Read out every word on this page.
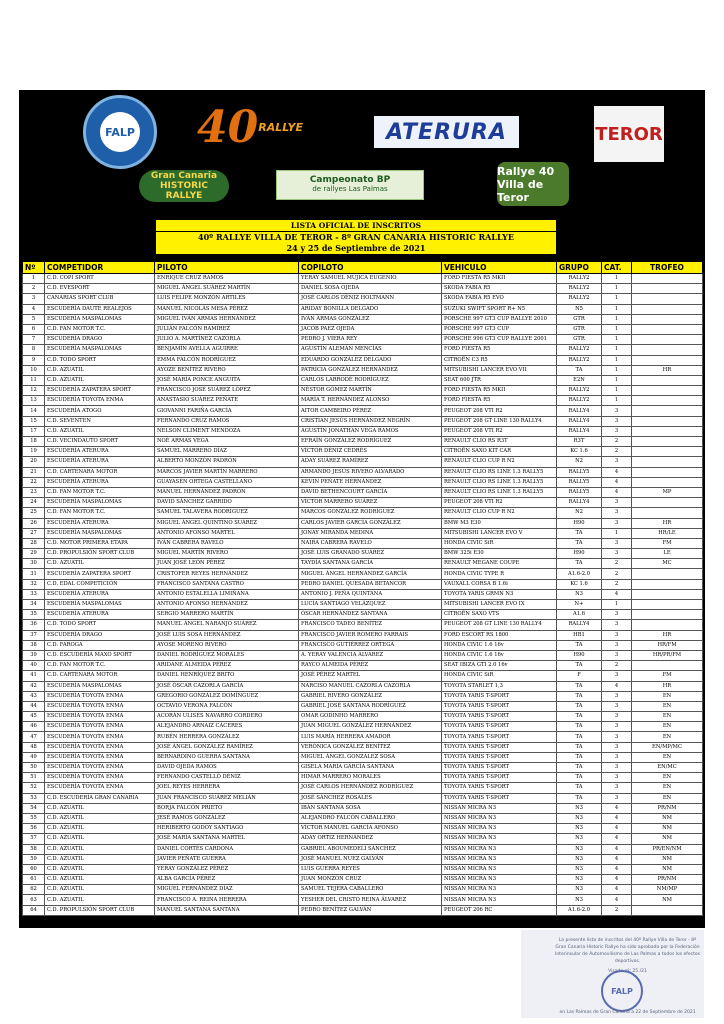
FALP 40 RALLYE	ATERURA	TEROR
Gran Canaria
HISTORIC
RALLYE
Campeonato BP
de rallyes Las Palmas
Rallye 40 Villa de Teror
LISTA OFICIAL DE INSCRITOS
40º RALLYE VILLA DE TEROR - 8º GRAN CANARIA HISTORIC RALLYE
24 y 25 de Septiembre de 2021
Nº	COMPETIDOR	PILOTO	COPILOTO	VEHICULO	GRUPO	CAT.	TROFEO
1	C.D. COPI SPORT	ENRIQUE CRUZ RAMOS	YERAY SAMUEL MUJICA EUGENIO	FORD FIESTA R5 MKII	RALLY2	1	
2	C.D. EVESPORT	MIGUEL ÁNGEL SUÁREZ MARTÍN	DANIEL SOSA OJEDA	SKODA FABIA R5	RALLY2	1	
3	CANARIAS SPORT CLUB	LUIS FELIPE MONZÓN ARTILES	JOSÉ CARLOS DÉNIZ HOLTMANN	SKODA FABIA R5 EVO	RALLY2	1	
4	ESCUDERÍA DAUTE REALEJOS	MANUEL NICOLÁS MESA PÉREZ	ARIDAY BONILLA DELGADO	SUZUKI SWIFT SPORT R+ N5	N5	1	
5	ESCUDERÍA MASPALOMAS	MIGUEL IVÁN ARMAS HERNÁNDEZ	IVÁN ARMAS GONZÁLEZ	PORSCHE 997 GT3 CUP RALLYE 2010	GTR	1	
6	C.D. FAN MOTOR T.C.	JULIÁN FALCÓN RAMÍREZ	JACOB PAEZ OJEDA	PORSCHE 997 GT3 CUP	GTR	1	
7	ESCUDERÍA DRAGO	JULIO A. MARTÍNEZ CAZORLA	PEDRO J. VIERA REY	PORSCHE 996 GT3 CUP RALLYE 2001	GTR	1	
8	ESCUDERÍA MASPALOMAS	BENJAMÍN AVELLA AGUIRRE	AGUSTÍN ALEMÁN MENCÍAS	FORD FIESTA R5	RALLY2	1	
9	C.D. TODO SPORT	EMMA FALCÓN RODRÍGUEZ	EDUARDO GONZÁLEZ DELGADO	CITROËN C3 R5	RALLY2	1	
10	C.D. AZUATIL	AYOZE BENÍTEZ RIVERO	PATRICIA GONZÁLEZ HERNÁNDEZ	MITSUBISHI LANCER EVO VII	TA	1	HR
11	C.D. AZUATIL	JOSÉ MARÍA PONCE ANGUITA	CARLOS LARRODÉ RODRÍGUEZ	SEAT 600 JTR	E2N	1	
12	ESCUDERÍA ZAPATERA SPORT	FRANCISCO JOSÉ SUÁREZ LÓPEZ	NÉSTOR GÓMEZ MARTÍN	FORD FIESTA R5 MKII	RALLY2	1	
13	ESCUDERÍA TOYOTA ENMA	ANASTASIO SUÁREZ PEÑATE	MARÍA T. HERNÁNDEZ ALONSO	FORD FIESTA R5	RALLY2	1	
14	ESCUDERÍA ATOGO	GIOVANNI FARIÑA GARCÍA	AITOR CAMBEIRO PÉREZ	PEUGEOT 208 VTI R2	RALLY4	3	
15	C.D. SEVENTEN	FERNANDO CRUZ RAMOS	CRISTIAN JESÚS HERNÁNDEZ NEGRÍN	PEUGEOT 208 GT LINE 130 RALLY4	RALLY4	3	
17	C.D. AZUATIL	NELSON CLIMENT MENDOZA	AGUSTÍN JONATHAN VEGA RAMOS	PEUGEOT 208 VTI R2	RALLY4	3	
18	C.D. VECINDAUTO SPORT	NOÉ ARMAS VEGA	EFRAÍN GONZÁLEZ RODRÍGUEZ	RENAULT CLIO RS R3T	R3T	2	
19	ESCUDERÍA ATERURA	SAMUEL MARRERO DÍAZ	VÍCTOR DÉNIZ CEDRÉS	CITROËN SAXO KIT CAR	KC 1.6	2	
20	ESCUDERÍA ATERURA	ALBERTO MONZÓN PADRÓN	ADAY SUÁREZ RAMÍREZ	RENAULT CLIO CUP R N2	N2	3	
21	C.D. CARTENARA MOTOR	MARCOS JAVIER MARTÍN MARRERO	ARMANDO JESÚS RIVERO ALVARADO	RENAULT CLIO RS LINE 1.3 RALLY5	RALLY5	4	
22	ESCUDERÍA ATERURA	GUAYASÉN ORTEGA CASTELLANO	KEVIN PEÑATE HERNÁNDEZ	RENAULT CLIO RS LINE 1.3 RALLY5	RALLY5	4	
23	C.D. FAN MOTOR T.C.	MANUEL HERNÁNDEZ PADRÓN	DAVID BETHENCOURT GARCÍA	RENAULT CLIO RS LINE 1.3 RALLY5	RALLY5	4	MP
24	ESCUDERÍA MASPALOMAS	DAVID SÁNCHEZ GARRIDO	VÍCTOR MARRERO SUÁREZ	PEUGEOT 208 VTI R2	RALLY4	3	
25	C.D. FAN MOTOR T.C.	SAMUEL TALAVERA RODRÍGUEZ	MARCOS GONZÁLEZ RODRÍGUEZ	RENAULT CLIO CUP R N2	N2	3	
26	ESCUDERÍA ATERURA	MIGUEL ÁNGEL QUINTINO SUÁREZ	CARLOS JAVIER GARCÍA GONZÁLEZ	BMW M3 E30	H90	3	HR
27	ESCUDERÍA MASPALOMAS	ANTONIO AFONSO MARTEL	JONAY MIRANDA MEDINA	MITSUBISHI LANCER EVO V	TA	1	HR/LE
28	C.D. MOTOR PRIMERA ETAPA	IVÁN CABRERA RAVELO	NAIRA CABRERA RAVELO	HONDA CIVIC SiR	TA	3	FM
29	C.D. PROPULSIÓN SPORT CLUB	MIGUEL MARTÍN RIVERO	JOSÉ LUIS GRANADO SUÁREZ	BMW 325i E30	H90	3	LE
30	C.D. AZUATIL	JUAN JOSÉ LEÓN PÉREZ	TAYDÍA SANTANA GARCÍA	RENAULT MEGANE COUPE	TA	2	MC
31	ESCUDERÍA ZAPATERA SPORT	CRISTOFER REYES HERNÁNDEZ	MIGUEL ÁNGEL HERNÁNDEZ GARCÍA	HONDA CIVIC TYPE R	A1.6-2.0	2	
32	C.D. EDAL COMPETICIÓN	FRANCISCO SANTANA CASTRO	PEDRO DANIEL QUESADA BETANCOR	VAUXALL CORSA B 1.6i	KC 1.6	2	
33	ESCUDERÍA ATERURA	ANTONIO ESTALELLA LIMIÑANA	ANTONIO J. PEÑA QUINTANA	TOYOTA YARIS GRMN N3	N3	4	
34	ESCUDERÍA MASPALOMAS	ANTONIO AFONSO HERNÁNDEZ	LUCÍA SANTIAGO VELÁZQUEZ	MITSUBISHI LANCER EVO IX	N+	1	
35	ESCUDERÍA ATERURA	SERGIO MARRERO MARTÍN	ÓSCAR HERNÁNDEZ SANTANA	CITROËN SAXO VTS	A1.6	3	
36	C.D. TODO SPORT	MANUEL ÁNGEL NARANJO SUÁREZ	FRANCISCO TADEO BENÍTEZ	PEUGEOT 208 GT LINE 130 RALLY4	RALLY4	3	
37	ESCUDERÍA DRAGO	JOSÉ LUIS SOSA HERNÁNDEZ	FRANCISCO JAVIER ROMERO FARRAIS	FORD ESCORT RS 1800	HB1	3	HR
38	C.D. FAROGA	AYOSE MORENO RIVERO	FRANCISCO GUTIÉRREZ ORTEGA	HONDA CIVIC 1.6 16v	TA	3	HR/FM
39	C.D. ESCUDERÍA MAXO SPORT	DANIEL RODRÍGUEZ MORALES	A. YERAY VALENCIA ÁLVAREZ	HONDA CIVIC 1.6 16v	H90	3	HR/PR/FM
40	C.D. FAN MOTOR T.C.	ARIDANE ALMEIDA PÉREZ	RAYCO ALMEIDA PÉREZ	SEAT IBIZA GTI 2.0 16v	TA	2	
41	C.D. CARTENARA MOTOR	DANIEL HENRÍQUEZ BRITO	JOSÉ PÉREZ MARTEL	HONDA CIVIC SiR	F	3	FM
42	ESCUDERÍA MASPALOMAS	JOSÉ ÓSCAR CAZORLA GARCÍA	NARCISO MANUEL CAZORLA CAZORLA	TOYOTA STARLET 1,3	TA	4	HR
43	ESCUDERÍA TOYOTA ENMA	GREGORIO GONZÁLEZ DOMÍNGUEZ	GABRIEL RIVERO GONZÁLEZ	TOYOTA YARIS T-SPORT	TA	3	EN
44	ESCUDERÍA TOYOTA ENMA	OCTAVIO VERONA FALCÓN	GABRIEL JOSÉ SANTANA RODRÍGUEZ	TOYOTA YARIS T-SPORT	TA	3	EN
45	ESCUDERÍA TOYOTA ENMA	ACORÁN ULISES NAVARRO CORDERO	OMAR GODINHO MARRERO	TOYOTA YARIS T-SPORT	TA	3	EN
46	ESCUDERÍA TOYOTA ENMA	ALEJANDRO ARNAIZ CÁCERES	JUAN MIGUEL GONZÁLEZ HERNÁNDEZ	TOYOTA YARIS T-SPORT	TA	3	EN
47	ESCUDERÍA TOYOTA ENMA	RUBÉN HERRERA GONZÁLEZ	LUIS MARÍA HERRERA AMADOR	TOYOTA YARIS T-SPORT	TA	3	EN
48	ESCUDERÍA TOYOTA ENMA	JOSÉ ÁNGEL GONZÁLEZ RAMÍREZ	VERÓNICA GONZÁLEZ BENÍTEZ	TOYOTA YARIS T-SPORT	TA	3	EN/MP/MC
49	ESCUDERÍA TOYOTA ENMA	BERNARDINO GUERRA SANTANA	MIGUEL ÁNGEL GONZÁLEZ SOSA	TOYOTA YARIS T-SPORT	TA	3	EN
50	ESCUDERÍA TOYOTA ENMA	DAVID OJEDA RAMOS	GISELA MARÍA GARCÍA SANTANA	TOYOTA YARIS T-SPORT	TA	3	EN/MC
51	ESCUDERÍA TOYOTA ENMA	FERNANDO CASTELLÓ DÉNIZ	HIMAR MARRERO MORALES	TOYOTA YARIS T-SPORT	TA	3	EN
52	ESCUDERÍA TOYOTA ENMA	JOEL REYES HERRERA	JOSÉ CARLOS HERNÁNDEZ RODRÍGUEZ	TOYOTA YARIS T-SPORT	TA	3	EN
53	C.D. ESCUDERÍA GRAN CANARIA	JUAN FRANCISCO SUÁREZ MELIÁN	JOSÉ SÁNCHEZ ROSALES	TOYOTA YARIS T-SPORT	TA	3	EN
54	C.D. AZUATIL	BORJA FALCÓN PRIETO	IBÁN SANTANA SOSA	NISSAN MICRA N3	N3	4	PR/NM
55	C.D. AZUATIL	JESÉ RAMOS GONZÁLEZ	ALEJANDRO FALCÓN CABALLERO	NISSAN MICRA N3	N3	4	NM
56	C.D. AZUATIL	HERIBERTO GODOY SANTIAGO	VÍCTOR MANUEL GARCÍA AFONSO	NISSAN MICRA N3	N3	4	NM
57	C.D. AZUATIL	JOSÉ MARÍA SANTANA MARTEL	ADAY ORTIZ HERNÁNDEZ	NISSAN MICRA N3	N3	4	NM
58	C.D. AZUATIL	DANIEL CORTÉS CARDONA	GABRIEL ABOUMEDELI SÁNCHEZ	NISSAN MICRA N3	N3	4	PR/EN/NM
59	C.D. AZUATIL	JAVIER PEÑATE GUERRA	JOSÉ MANUEL NUEZ GALVÁN	NISSAN MICRA N3	N3	4	NM
60	C.D. AZUATIL	YERAY GONZÁLEZ PÉREZ	LUIS GUERRA REYES	NISSAN MICRA N3	N3	4	NM
61	C.D. AZUATIL	ALBA GARCÍA PÉREZ	JUAN MONZÓN CRUZ	NISSAN MICRA N3	N3	4	PR/NM
62	C.D. AZUATIL	MIGUEL FERNÁNDEZ DÍAZ	SAMUEL TEJERA CABALLERO	NISSAN MICRA N3	N3	4	NM/MP
63	C.D. AZUATIL	FRANCISCO A. REINA HERRERA	YESHER DEL CRISTO REINA ÁLVAREZ	NISSAN MICRA N3	N3	4	NM
64	C.D. PROPULSIÓN SPORT CLUB	MANUEL SANTANA SANTANA	PEDRO BENÍTEZ GALVÁN	PEUGEOT 206 RC	A1.6-2.0	2	
La presente lista de inscritos del 40º Rallye Villa de Teror - 8º Gran Canaria Historic Rallye ha sido aprobada por la Federación Interinsular de Automovilismo de Las Palmas a todos los efectos deportivos.
Visado nº: 25 /21
FALP
en Las Palmas de Gran Canaria a 22 de Septiembre de 2021
